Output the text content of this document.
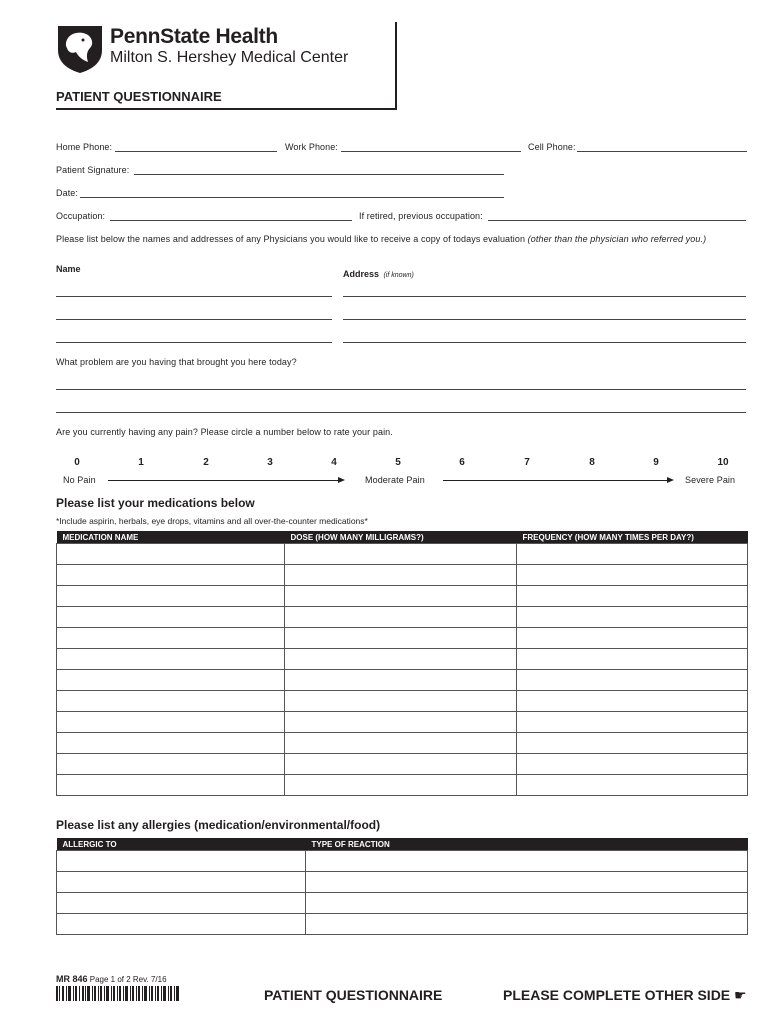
PennState Health
Milton S. Hershey Medical Center
PATIENT QUESTIONNAIRE
Home Phone:	Work Phone:	Cell Phone:
Patient Signature:
Date:
Occupation:	If retired, previous occupation:
Please list below the names and addresses of any Physicians you would like to receive a copy of todays evaluation (other than the physician who referred you.)
Name	Address (if known)
What problem are you having that brought you here today?
Are you currently having any pain? Please circle a number below to rate your pain.
0	1	2	3	4	5	6	7	8	9	10
No Pain	Moderate Pain	Severe Pain
Please list your medications below
*Include aspirin, herbals, eye drops, vitamins and all over-the-counter medications*
MEDICATION NAME	DOSE (HOW MANY MILLIGRAMS?)	FREQUENCY (HOW MANY TIMES PER DAY?)

Please list any allergies (medication/environmental/food)
ALLERGIC TO	TYPE OF REACTION

MR 846 Page 1 of 2 Rev. 7/16
PATIENT QUESTIONNAIRE	PLEASE COMPLETE OTHER SIDE ☛
